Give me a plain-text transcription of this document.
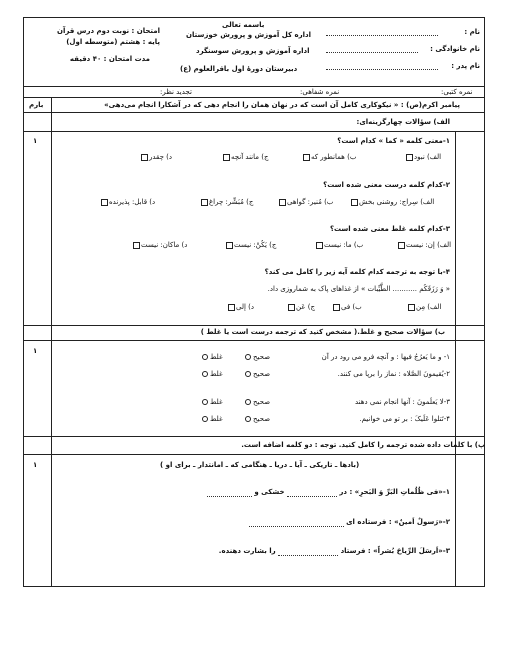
باسمه تعالی
اداره کل آموزش و پرورش خوزستان
اداره آموزش و پرورش سوسنگرد
دبیرستان دورۀ اول باقرالعلوم (ع)
نام :
نام خانوادگی :
نام پدر :
امتحان : نوبت دوم درس قرآن
پایه : هشتم (متوسطه اول)
مدت امتحان : ۴۰ دقیقه
نمره کتبی:
نمره شفاهی:
تجدید نظر:
پیامبر اکرم(ص) : « نیکوکاری کامل آن است که در نهان همان را انجام دهی که در آشکارا انجام می‌دهی»
بارم
الف) سؤالات چهارگزینه‌ای:
۱	۱-معنی کلمه « کما » کدام است؟
الف) نبود
ب) همانطور که
ج) مانند آنچه
د) چقدر
۲-کدام کلمه درست معنی شده است؟
الف) سِراج: روشنی بخش
ب) مُنیر: گواهی
ج) مُبَشِّر: چراغ
د) قابل: پذیرنده
۳-کدام کلمه غلط معنی شده است؟
الف) إن: نیست
ب) ما: نیست
ج) یَکُنْ: نیست
د) ماکان: نیست
۴-با توجه به ترجمه کدام کلمه آیه زیر را کامل می کند؟
« وَ رَزَقَکُم ........... الطَّیِّبات » از غذاهای پاک به شماروزی داد.
الف) مِن
ب) فی
ج) عَن
د) إلی
ب) سؤالات صحیح و غلط.( مشخص کنید که ترجمه درست است یا غلط )
۱
۱- و ما یَعرُجُ فیها : و آنچه فرو می رود در آن
صحیح
غلط
۲-یُقیمونَ الصَّلاه : نماز را برپا می کنند.
صحیح
غلط
۳-لا یَعلَمونَ : آنها انجام نمی دهند
صحیح
غلط
۴-تَتلوا عَلَیکَ : بر تو می خوانیم.
صحیح
غلط
پ) با کلمات داده شده ترجمه را کامل کنید. توجه : دو کلمه اضافه است.
۱	(بادها ـ تاریکی ـ آیا ـ دریا ـ هنگامی که ـ امانتدار ـ برای او )
۱-«فی ظُلُماتِ البَرِّ وَ البَحرِ» : در  خشکی و
۲-«رَسولٌ اَمینٌ» : فرستاده ای
۳-«اَرسَلَ الرِّیاحَ بُشراً» : فرستاد  را بشارت دهنده.
